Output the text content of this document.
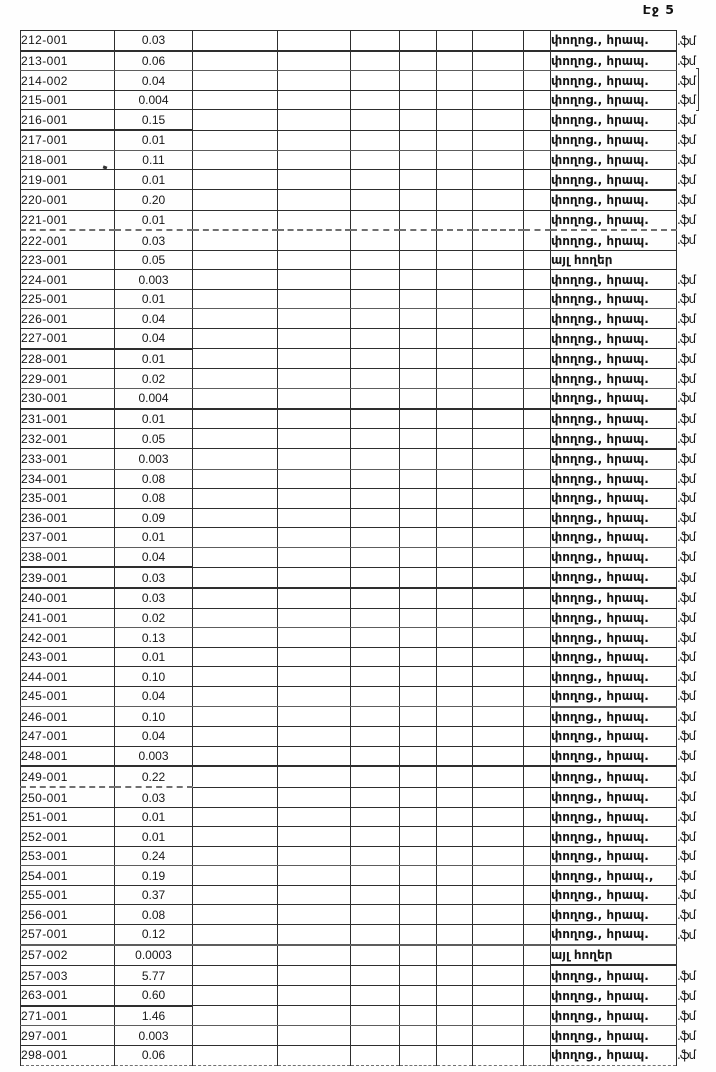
Էջ 5
212-001	0.03								փողոց., հրապ.	.ֆմ
213-001	0.06								փողոց., հրապ.	.ֆմ
214-002	0.04								փողոց., հրապ.	.ֆմ
215-001	0.004								փողոց., հրապ.	.ֆմ
216-001	0.15								փողոց., հրապ.	.ֆմ
217-001	0.01								փողոց., հրապ.	.ֆմ
218-001	0.11								փողոց., հրապ.	.ֆմ
219-001	0.01								փողոց., հրապ.	.ֆմ
220-001	0.20								փողոց., հրապ.	.ֆմ
221-001	0.01								փողոց., հրապ.	.ֆմ
222-001	0.03								փողոց., հրապ.	.ֆմ
223-001	0.05								այլ հողեր	
224-001	0.003								փողոց., հրապ.	.ֆմ
225-001	0.01								փողոց., հրապ.	.ֆմ
226-001	0.04								փողոց., հրապ.	.ֆմ
227-001	0.04								փողոց., հրապ.	.ֆմ
228-001	0.01								փողոց., հրապ.	.ֆմ
229-001	0.02								փողոց., հրապ.	.ֆմ
230-001	0.004								փողոց., հրապ.	.ֆմ
231-001	0.01								փողոց., հրապ.	.ֆմ
232-001	0.05								փողոց., հրապ.	.ֆմ
233-001	0.003								փողոց., հրապ.	.ֆմ
234-001	0.08								փողոց., հրապ.	.ֆմ
235-001	0.08								փողոց., հրապ.	.ֆմ
236-001	0.09								փողոց., հրապ.	.ֆմ
237-001	0.01								փողոց., հրապ.	.ֆմ
238-001	0.04								փողոց., հրապ.	.ֆմ
239-001	0.03								փողոց., հրապ.	.ֆմ
240-001	0.03								փողոց., հրապ.	.ֆմ
241-001	0.02								փողոց., հրապ.	.ֆմ
242-001	0.13								փողոց., հրապ.	.ֆմ
243-001	0.01								փողոց., հրապ.	.ֆմ
244-001	0.10								փողոց., հրապ.	.ֆմ
245-001	0.04								փողոց., հրապ.	.ֆմ
246-001	0.10								փողոց., հրապ.	.ֆմ
247-001	0.04								փողոց., հրապ.	.ֆմ
248-001	0.003								փողոց., հրապ.	.ֆմ
249-001	0.22								փողոց., հրապ.	.ֆմ
250-001	0.03								փողոց., հրապ.	.ֆմ
251-001	0.01								փողոց., հրապ.	.ֆմ
252-001	0.01								փողոց., հրապ.	.ֆմ
253-001	0.24								փողոց., հրապ.	.ֆմ
254-001	0.19								փողոց., հրապ.,	.ֆմ
255-001	0.37								փողոց., հրապ.	.ֆմ
256-001	0.08								փողոց., հրապ.	.ֆմ
257-001	0.12								փողոց., հրապ.	.ֆմ
257-002	0.0003								այլ հողեր	
257-003	5.77								փողոց., հրապ.	.ֆմ
263-001	0.60								փողոց., հրապ.	.ֆմ
271-001	1.46								փողոց., հրապ.	.ֆմ
297-001	0.003								փողոց., հրապ.	.ֆմ
298-001	0.06								փողոց., հրապ.	.ֆմ
